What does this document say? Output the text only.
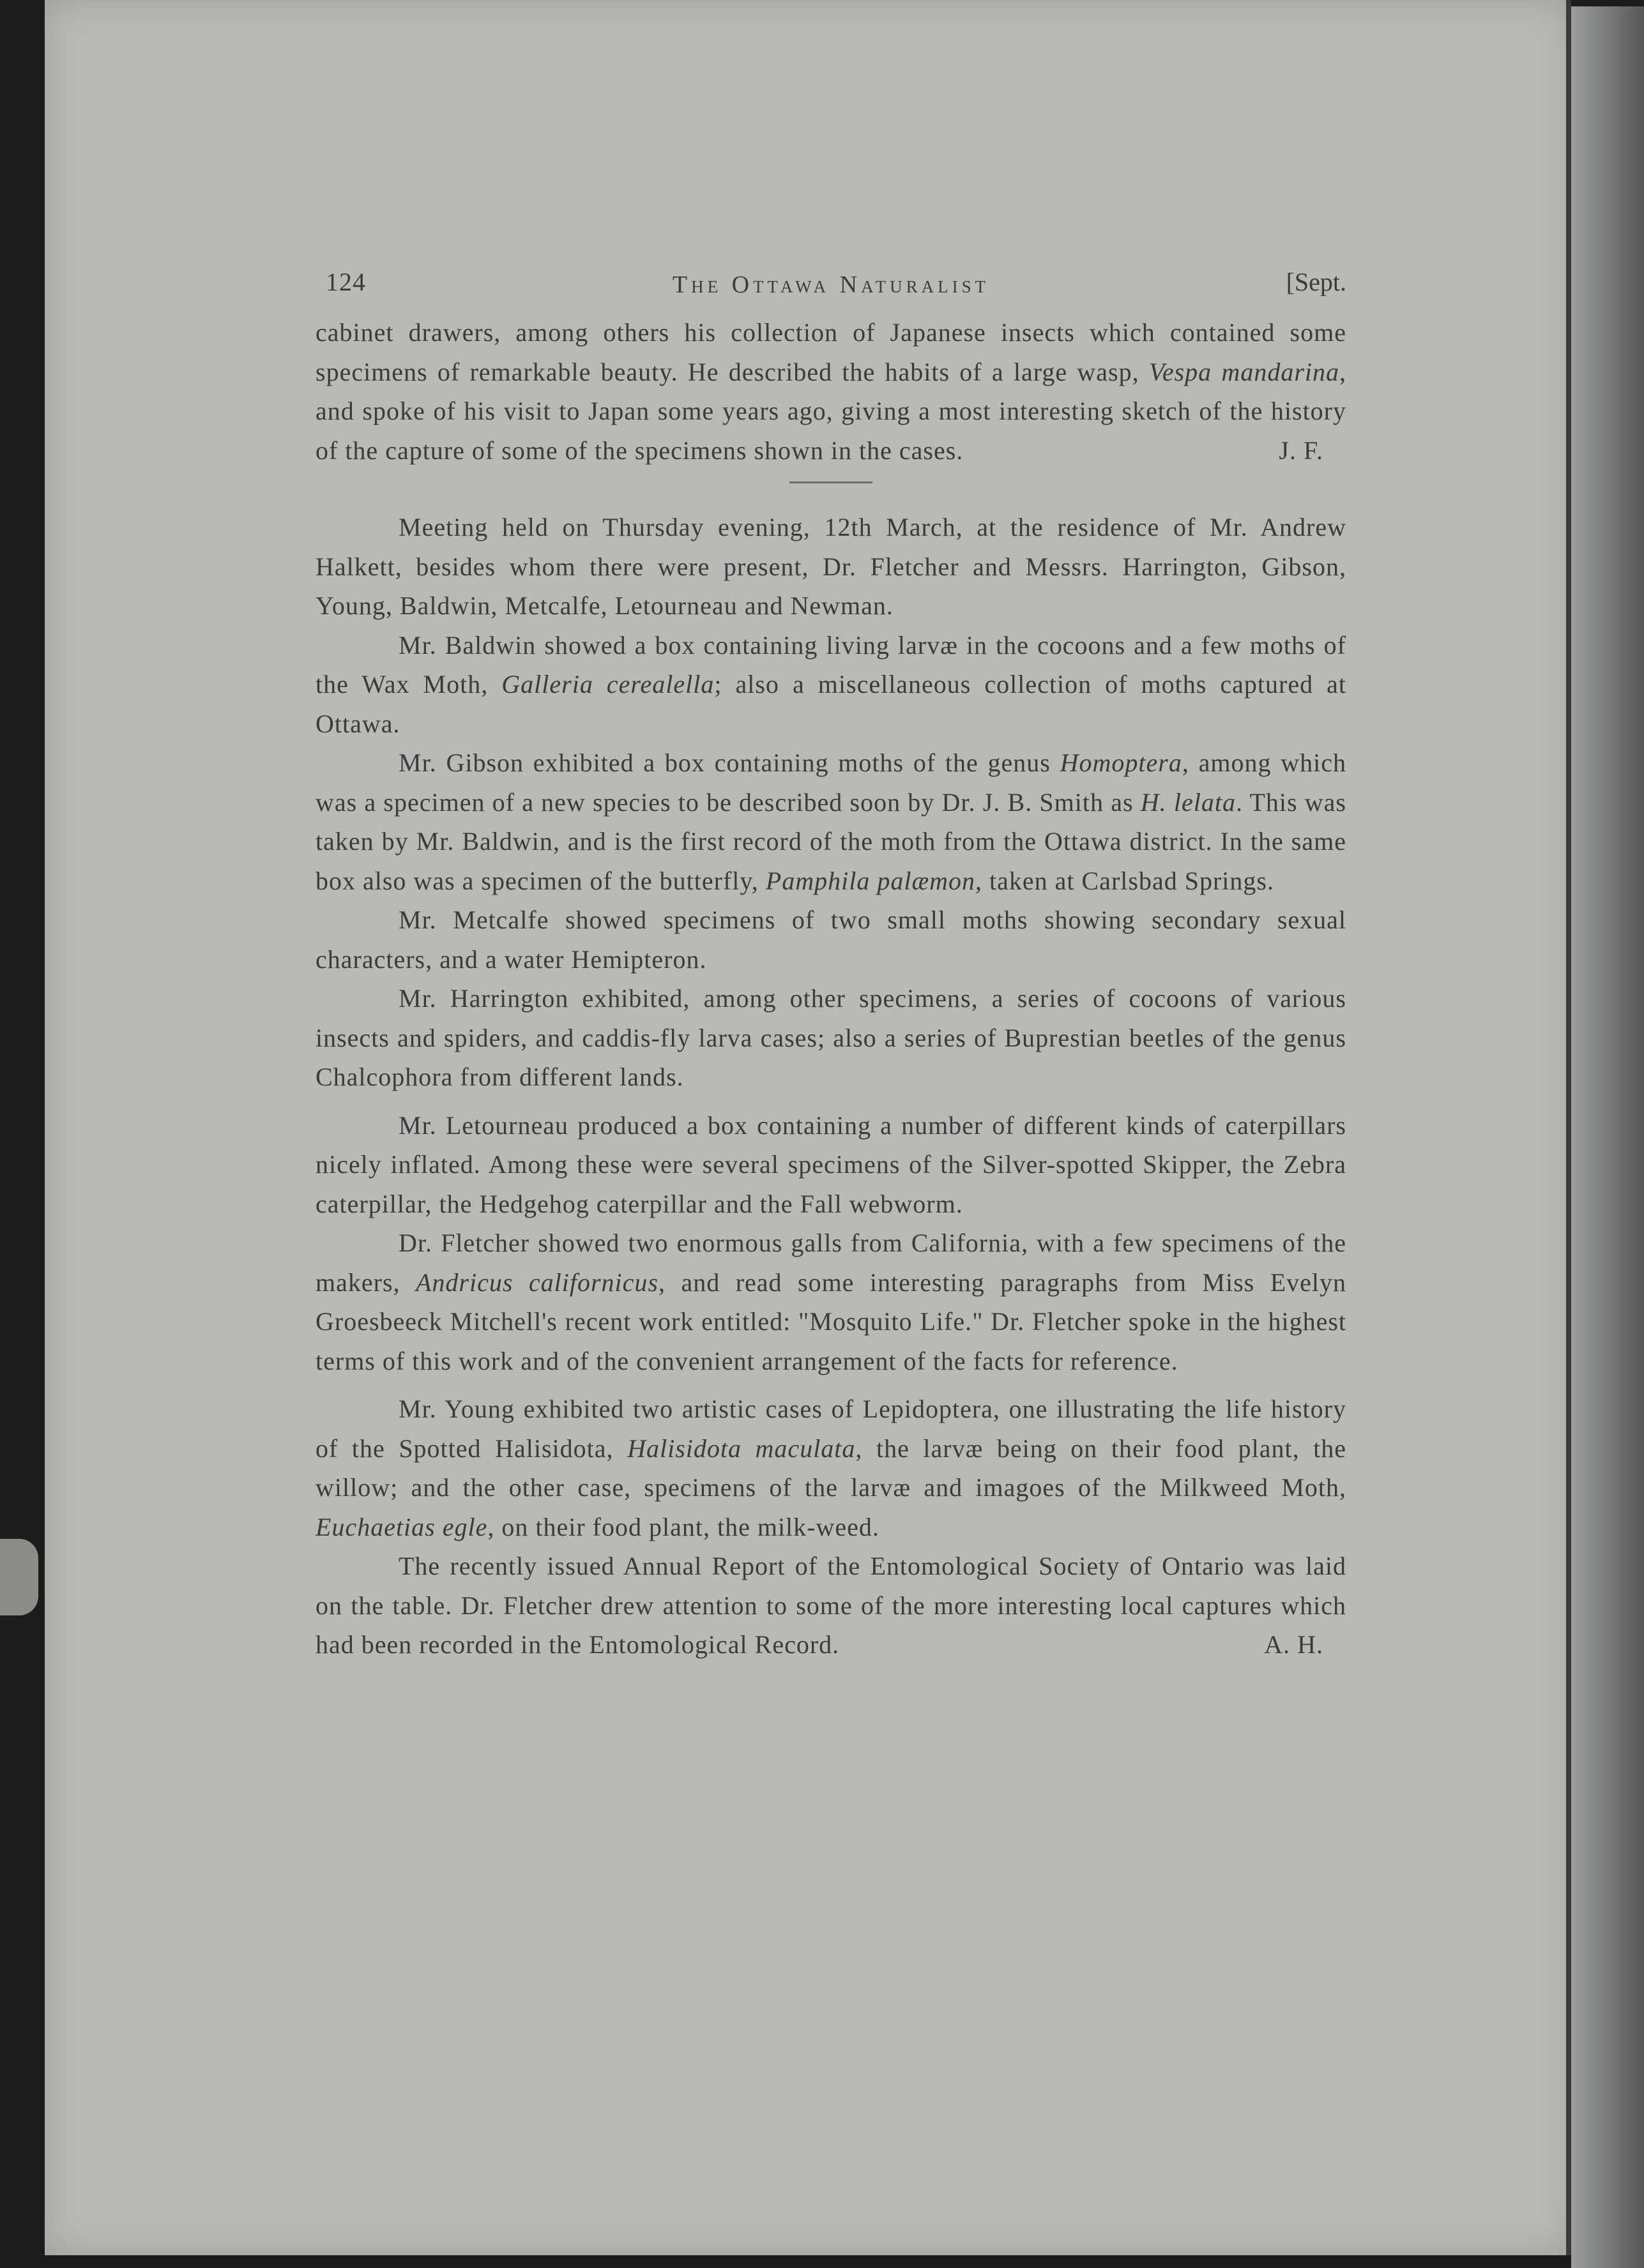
124	The Ottawa Naturalist	[Sept.

cabinet drawers, among others his collection of Japanese insects which contained some specimens of remarkable beauty. He described the habits of a large wasp, Vespa mandarina, and spoke of his visit to Japan some years ago, giving a most interesting sketch of the history of the capture of some of the specimens shown in the cases.	J. F.

Meeting held on Thursday evening, 12th March, at the residence of Mr. Andrew Halkett, besides whom there were present, Dr. Fletcher and Messrs. Harrington, Gibson, Young, Baldwin, Metcalfe, Letourneau and Newman.

Mr. Baldwin showed a box containing living larvæ in the cocoons and a few moths of the Wax Moth, Galleria cerealella; also a miscellaneous collection of moths captured at Ottawa.

Mr. Gibson exhibited a box containing moths of the genus Homoptera, among which was a specimen of a new species to be described soon by Dr. J. B. Smith as H. lelata. This was taken by Mr. Baldwin, and is the first record of the moth from the Ottawa district. In the same box also was a specimen of the butterfly, Pamphila palæmon, taken at Carlsbad Springs.

Mr. Metcalfe showed specimens of two small moths showing secondary sexual characters, and a water Hemipteron.

Mr. Harrington exhibited, among other specimens, a series of cocoons of various insects and spiders, and caddis-fly larva cases; also a series of Buprestian beetles of the genus Chalcophora from different lands.

Mr. Letourneau produced a box containing a number of different kinds of caterpillars nicely inflated. Among these were several specimens of the Silver-spotted Skipper, the Zebra caterpillar, the Hedgehog caterpillar and the Fall webworm.

Dr. Fletcher showed two enormous galls from California, with a few specimens of the makers, Andricus californicus, and read some interesting paragraphs from Miss Evelyn Groesbeeck Mitchell's recent work entitled: "Mosquito Life." Dr. Fletcher spoke in the highest terms of this work and of the convenient arrangement of the facts for reference.

Mr. Young exhibited two artistic cases of Lepidoptera, one illustrating the life history of the Spotted Halisidota, Halisidota maculata, the larvæ being on their food plant, the willow; and the other case, specimens of the larvæ and imagoes of the Milkweed Moth, Euchaetias egle, on their food plant, the milk-weed.

The recently issued Annual Report of the Entomological Society of Ontario was laid on the table. Dr. Fletcher drew attention to some of the more interesting local captures which had been recorded in the Entomological Record.	A. H.
